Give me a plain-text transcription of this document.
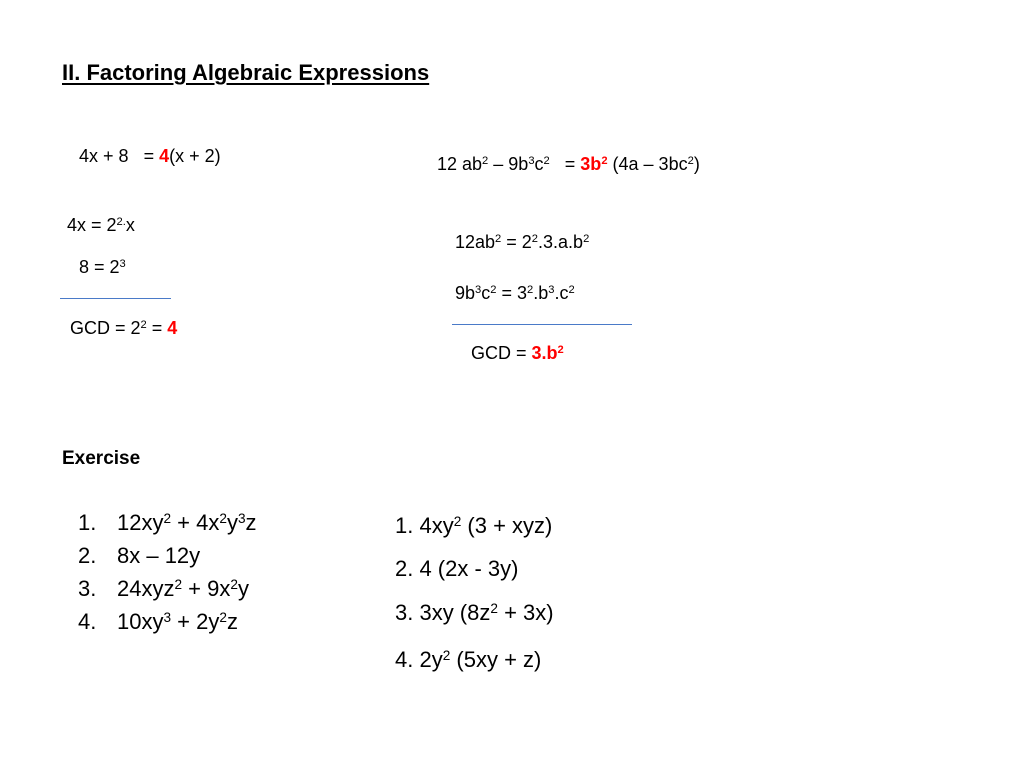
II. Factoring Algebraic Expressions
4x + 8 = 4(x + 2)
$4x = 2^{2.}x$
$8 = 2^3$
GCD = $2^2 = 4$
12 $ab^2 - 9b^3c^2 = 3b^2$ $(4a - 3bc^2)$
$12ab^2 = 2^2.3.a.b^2$
$9b^3c^2 = 3^2.b^3.c^2$
GCD = $3.b^2$
Exercise
1. $12xy^2 + 4x^2y^3z$
2. 8x – 12y
3. $24xyz^2 + 9x^2y$
4. $10xy^3 + 2y^2z$
1. $4xy^2$ (3 + xyz)
2. 4 (2x - 3y)
3. 3xy $(8z^2 + 3x)$
4. $2y^2$ (5xy + z)
